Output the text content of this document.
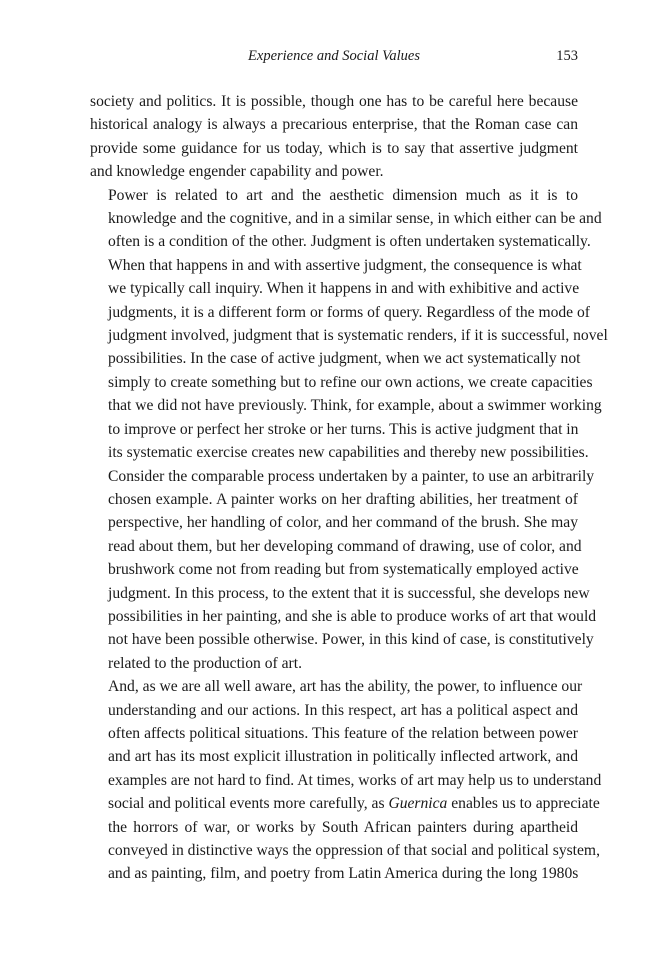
Experience and Social Values	153

society and politics. It is possible, though one has to be careful here because
historical analogy is always a precarious enterprise, that the Roman case can
provide some guidance for us today, which is to say that assertive judgment
and knowledge engender capability and power.

Power is related to art and the aesthetic dimension much as it is to
knowledge and the cognitive, and in a similar sense, in which either can be and
often is a condition of the other. Judgment is often undertaken systematically.
When that happens in and with assertive judgment, the consequence is what
we typically call inquiry. When it happens in and with exhibitive and active
judgments, it is a different form or forms of query. Regardless of the mode of
judgment involved, judgment that is systematic renders, if it is successful, novel
possibilities. In the case of active judgment, when we act systematically not
simply to create something but to refine our own actions, we create capacities
that we did not have previously. Think, for example, about a swimmer working
to improve or perfect her stroke or her turns. This is active judgment that in
its systematic exercise creates new capabilities and thereby new possibilities.
Consider the comparable process undertaken by a painter, to use an arbitrarily
chosen example. A painter works on her drafting abilities, her treatment of
perspective, her handling of color, and her command of the brush. She may
read about them, but her developing command of drawing, use of color, and
brushwork come not from reading but from systematically employed active
judgment. In this process, to the extent that it is successful, she develops new
possibilities in her painting, and she is able to produce works of art that would
not have been possible otherwise. Power, in this kind of case, is constitutively
related to the production of art.

And, as we are all well aware, art has the ability, the power, to influence our
understanding and our actions. In this respect, art has a political aspect and
often affects political situations. This feature of the relation between power
and art has its most explicit illustration in politically inflected artwork, and
examples are not hard to find. At times, works of art may help us to understand
social and political events more carefully, as Guernica enables us to appreciate
the horrors of war, or works by South African painters during apartheid
conveyed in distinctive ways the oppression of that social and political system,
and as painting, film, and poetry from Latin America during the long 1980s
